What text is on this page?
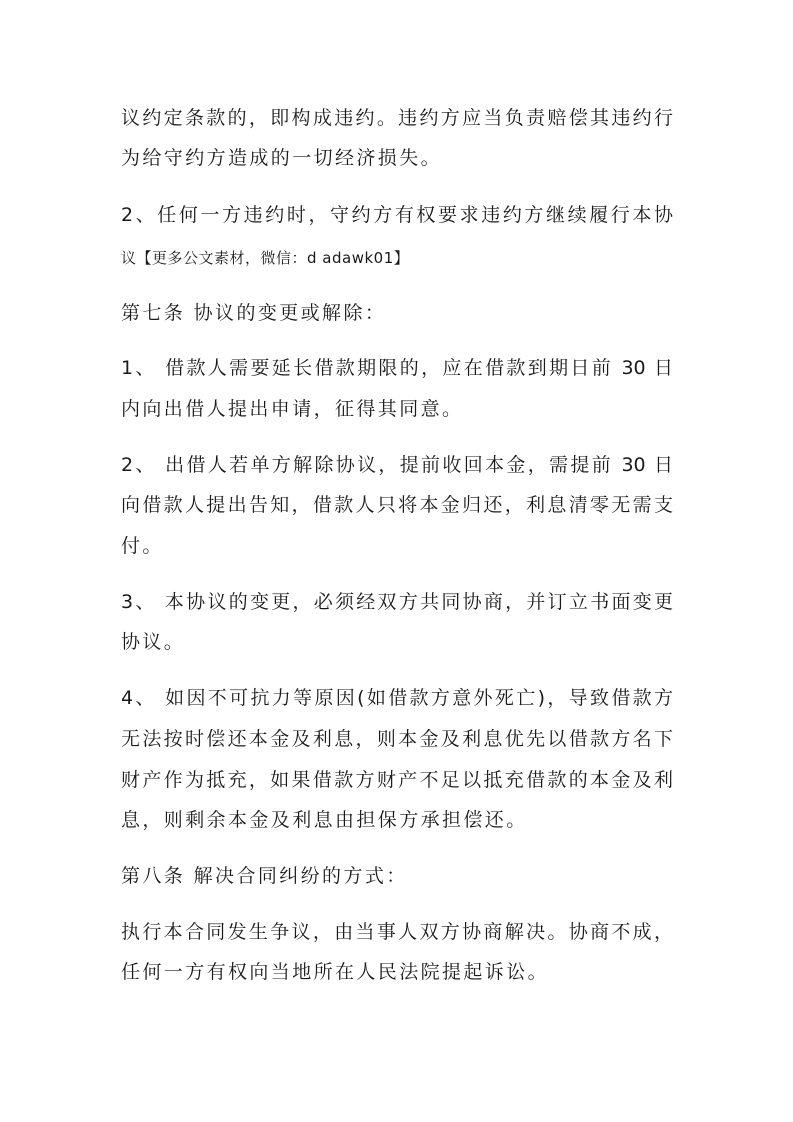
议约定条款的，即构成违约。违约方应当负责赔偿其违约行
为给守约方造成的一切经济损失。
2、任何一方违约时，守约方有权要求违约方继续履行本协
议【更多公文素材，微信：d adawk01】
第七条 协议的变更或解除：
1、 借款人需要延长借款期限的，应在借款到期日前 30 日
内向出借人提出申请，征得其同意。
2、 出借人若单方解除协议，提前收回本金，需提前 30 日
向借款人提出告知，借款人只将本金归还，利息清零无需支
付。
3、 本协议的变更，必须经双方共同协商，并订立书面变更
协议。
4、 如因不可抗力等原因(如借款方意外死亡)，导致借款方
无法按时偿还本金及利息，则本金及利息优先以借款方名下
财产作为抵充，如果借款方财产不足以抵充借款的本金及利
息，则剩余本金及利息由担保方承担偿还。
第八条 解决合同纠纷的方式：
执行本合同发生争议，由当事人双方协商解决。协商不成，
任何一方有权向当地所在人民法院提起诉讼。
